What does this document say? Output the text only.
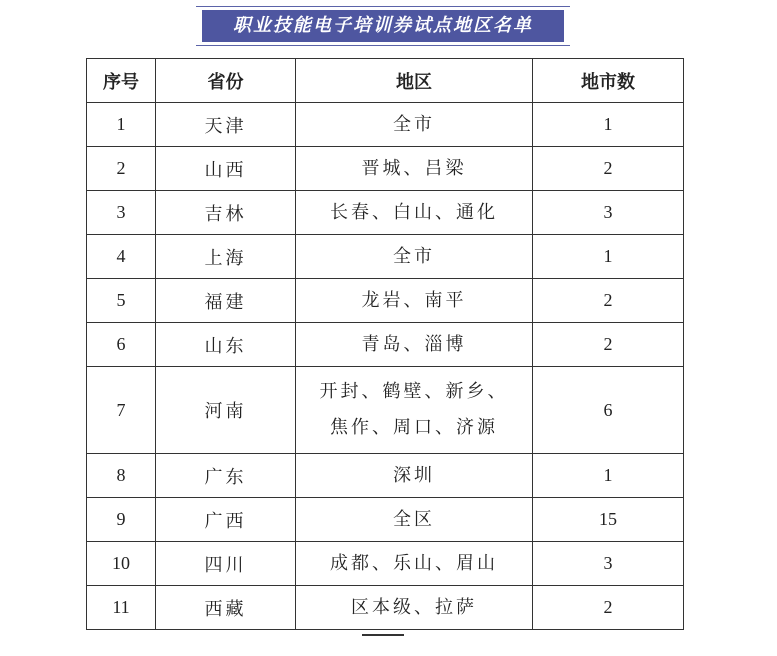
职业技能电子培训券试点地区名单
序号	省份	地区	地市数
1	天津	全市	1
2	山西	晋城、吕梁	2
3	吉林	长春、白山、通化	3
4	上海	全市	1
5	福建	龙岩、南平	2
6	山东	青岛、淄博	2
7	河南	开封、鹤壁、新乡、
焦作、周口、济源	6
8	广东	深圳	1
9	广西	全区	15
10	四川	成都、乐山、眉山	3
11	西藏	区本级、拉萨	2
